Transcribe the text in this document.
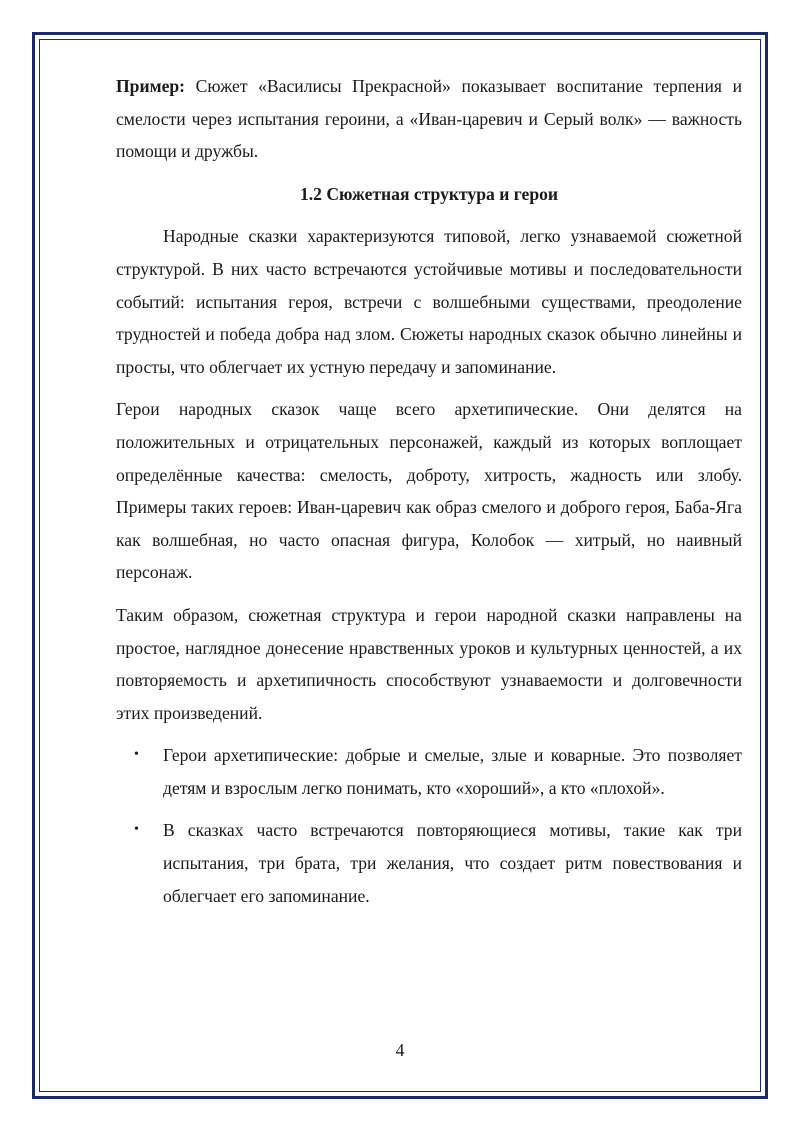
Пример: Сюжет «Василисы Прекрасной» показывает воспитание терпения и смелости через испытания героини, а «Иван-царевич и Серый волк» — важность помощи и дружбы.

1.2 Сюжетная структура и герои

Народные сказки характеризуются типовой, легко узнаваемой сюжетной структурой. В них часто встречаются устойчивые мотивы и последовательности событий: испытания героя, встречи с волшебными существами, преодоление трудностей и победа добра над злом. Сюжеты народных сказок обычно линейны и просты, что облегчает их устную передачу и запоминание.

Герои народных сказок чаще всего архетипические. Они делятся на положительных и отрицательных персонажей, каждый из которых воплощает определённые качества: смелость, доброту, хитрость, жадность или злобу. Примеры таких героев: Иван-царевич как образ смелого и доброго героя, Баба-Яга как волшебная, но часто опасная фигура, Колобок — хитрый, но наивный персонаж.

Таким образом, сюжетная структура и герои народной сказки направлены на простое, наглядное донесение нравственных уроков и культурных ценностей, а их повторяемость и архетипичность способствуют узнаваемости и долговечности этих произведений.

• Герои архетипические: добрые и смелые, злые и коварные. Это позволяет детям и взрослым легко понимать, кто «хороший», а кто «плохой».
• В сказках часто встречаются повторяющиеся мотивы, такие как три испытания, три брата, три желания, что создает ритм повествования и облегчает его запоминание.
4
